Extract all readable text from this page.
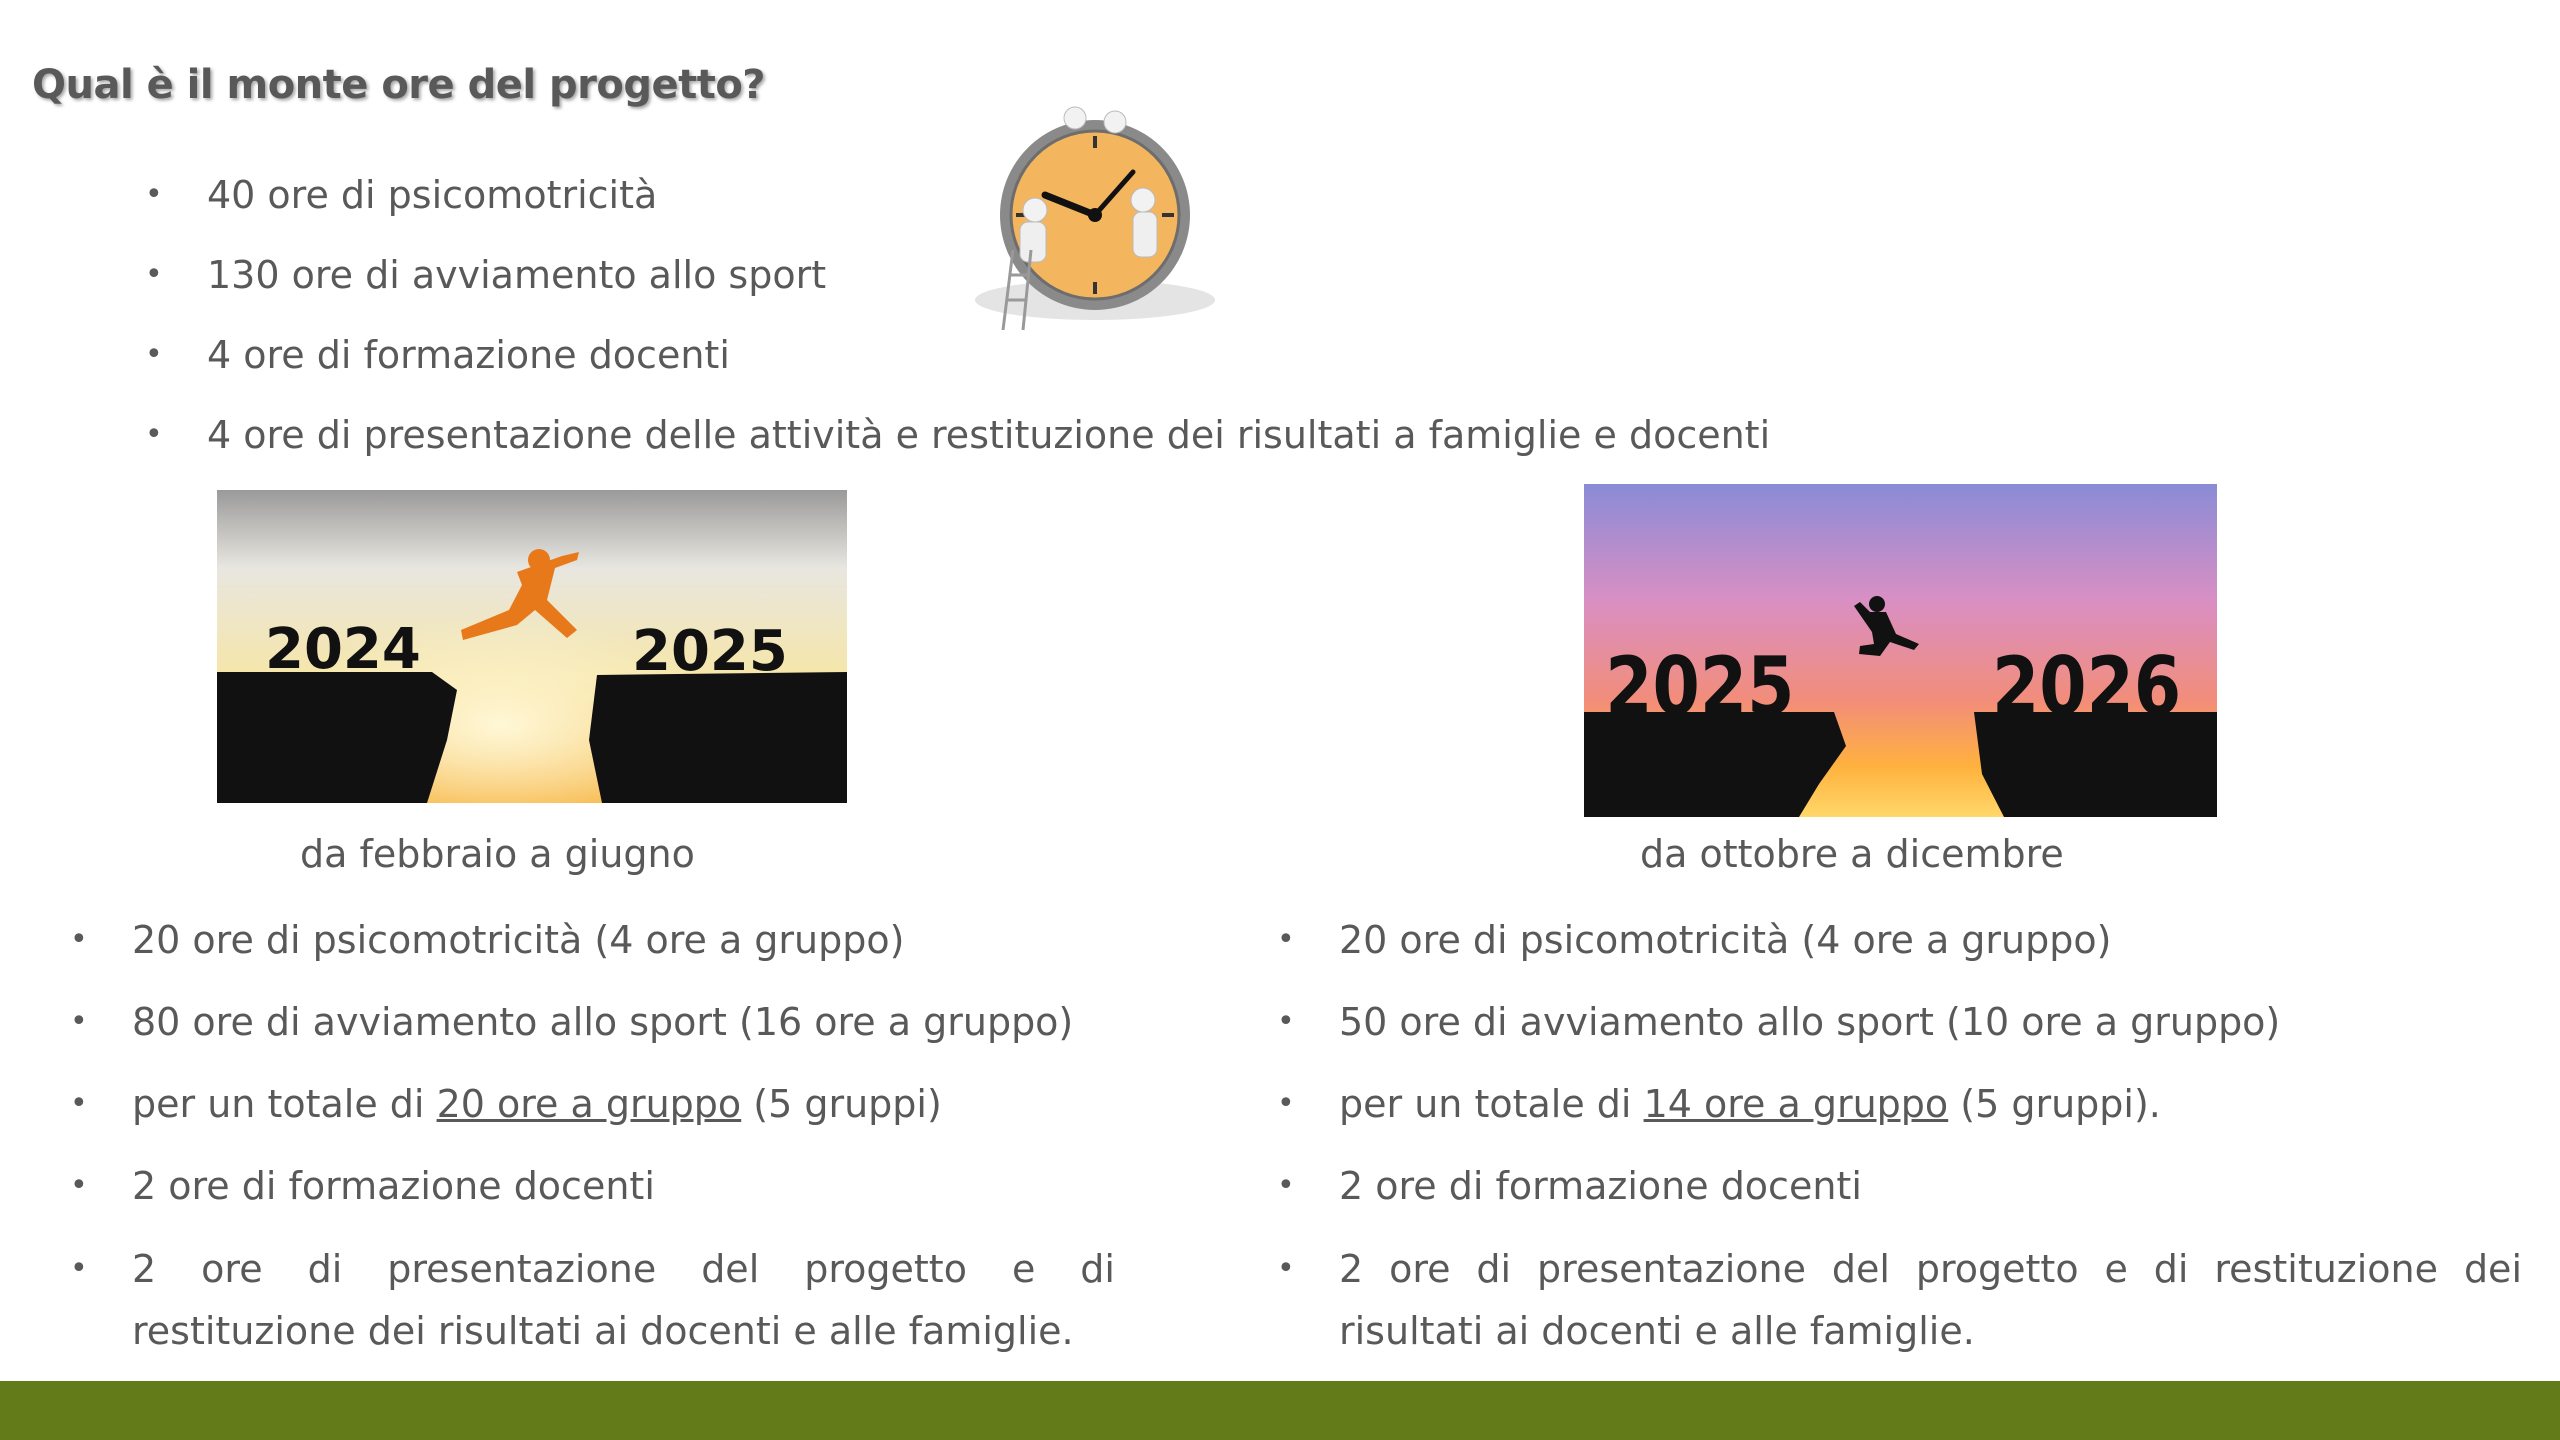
Qual è il monte ore del progetto?
• 40 ore di psicomotricità
• 130 ore di avviamento allo sport
• 4 ore di formazione docenti
• 4 ore di presentazione delle attività e restituzione dei risultati a famiglie e docenti
2024	2025	2025 2026
da febbraio a giugno
• 20 ore di psicomotricità (4 ore a gruppo)
• 80 ore di avviamento allo sport (16 ore a gruppo)
• per un totale di 20 ore a gruppo (5 gruppi)
• 2 ore di formazione docenti
• 2 ore di presentazione del progetto e di restituzione dei risultati ai docenti e alle famiglie.
da ottobre a dicembre
• 20 ore di psicomotricità (4 ore a gruppo)
• 50 ore di avviamento allo sport (10 ore a gruppo)
• per un totale di 14 ore a gruppo (5 gruppi).
• 2 ore di formazione docenti
• 2 ore di presentazione del progetto e di restituzione dei risultati ai docenti e alle famiglie.
